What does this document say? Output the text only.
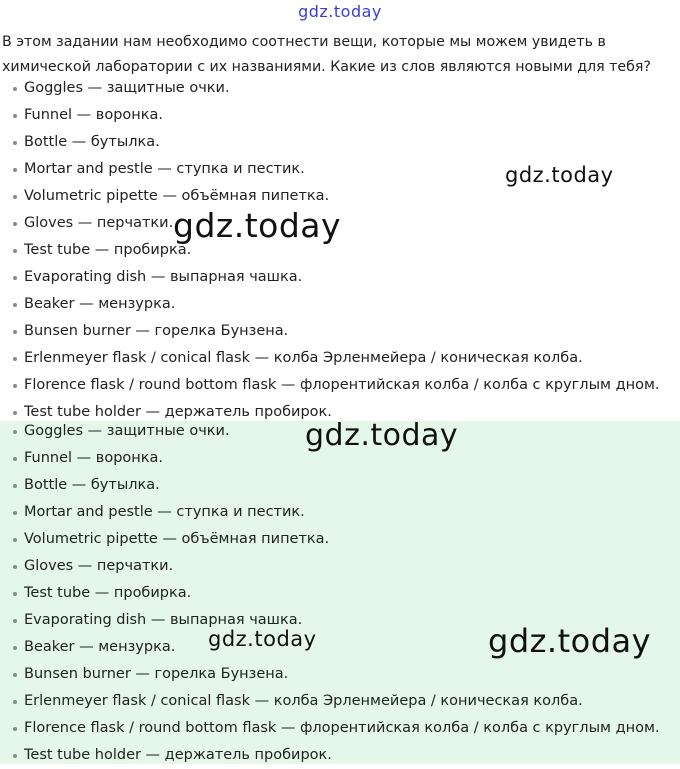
gdz.today
В этом задании нам необходимо соотнести вещи, которые мы можем увидеть в химической лаборатории с их названиями. Какие из слов являются новыми для тебя?
Goggles — защитные очки.
Funnel — воронка.
Bottle — бутылка.
Mortar and pestle — ступка и пестик.
Volumetric pipette — объёмная пипетка.
Gloves — перчатки.
Test tube — пробирка.
Evaporating dish — выпарная чашка.
Beaker — мензурка.
Bunsen burner — горелка Бунзена.
Erlenmeyer flask / conical flask — колба Эрленмейера / коническая колба.
Florence flask / round bottom flask — флорентийская колба / колба с круглым дном.
Test tube holder — держатель пробирок.
Goggles — защитные очки.
Funnel — воронка.
Bottle — бутылка.
Mortar and pestle — ступка и пестик.
Volumetric pipette — объёмная пипетка.
Gloves — перчатки.
Test tube — пробирка.
Evaporating dish — выпарная чашка.
Beaker — мензурка.
Bunsen burner — горелка Бунзена.
Erlenmeyer flask / conical flask — колба Эрленмейера / коническая колба.
Florence flask / round bottom flask — флорентийская колба / колба с круглым дном.
Test tube holder — держатель пробирок.
gdz.today
gdz.today
gdz.today
gdz.today	gdz.today
